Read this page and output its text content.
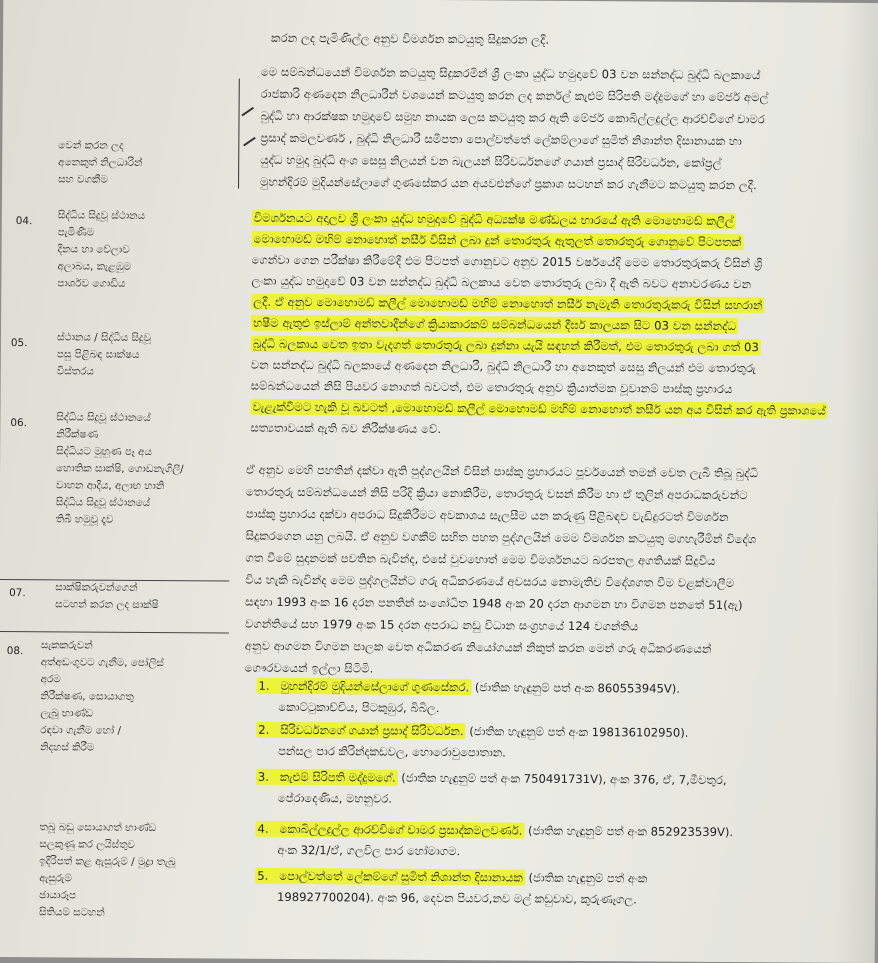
කරන ලද පැමිණිල්ල අනුව විමර්ශන කටයුතු සිදුකරන ලදී.
මෙ සම්බන්ධයෙන් විමර්ශන කටයුතු සිදුකරමින් ශ්‍රී ලංකා යුද්ධ හමුදාවේ 03 වන සන්නද්ධ බුද්ධි බලකායේ
රාජකාරි අණදෙන නිලධාරීන් වශයෙන් කටයුතු කරන ලද කර්නල් කැළුම් සිරිපති මද්දුමගේ හා මේජර් අමල්
බුද්ධි හා ආරක්ෂක හමුදාවේ සමුහ නායක ලෙස කටයුතු කර ඇති මේජර් කොබිල්ලදුල්ල ආරච්චිගේ චාමර
ප්‍රසාද් කමලවර්ණ , බුද්ධි නිලධාරී සමීපතා පොල්වත්තේ ලේකම්ලාගේ සුමිත් නිශාන්ත දිසානායක හා
යුද්ධ හමුදා බුද්ධි අංශ සෙසු නිලයන් වන බැලයන් සිරිවර්ධනගේ ගයාන් ප්‍රසාද් සිරිවර්ධන, කෝප්‍රල්
මුහන්දිරම් මුදියන්සේලාගේ ගුණසේකර යන අයවළුන්ගේ ප්‍රකාශ සටහන් කර ගැනීමට කටයුතු කරන ලදී.
විමර්ශනයට අදාලව ශ්‍රී ලංකා යුද්ධ හමුදාවේ බුද්ධි අධ්‍යක්ෂ මණ්ඩලය භාරයේ ඇති මොහොමඩ් කලීල්
මොහොමඩ් මහිම් නොහොත් නසීර් විසින් ලබා දුන් තොරතුරු ඇතුලත් තොරතුරු ගොනුවේ පිටපතක්
ගෙන්වා ගෙන පරීක්ෂා කිරීමේදී එම පිටපත් ගොනුවට අනුව 2015 වර්ෂයේදී මෙම තොරතුරුකරු විසින් ශ්‍රී
ලංකා යුද්ධ හමුදාවේ 03 වන සන්නද්ධ බුද්ධි බලකාය වෙත තොරතුරු ලබා දී ඇති බවට අනාවරණය වන
ලදී. ඒ අනුව මොහොමඩ් කලීල් මොහොමඩ් මහිම් නොහොත් නසීර් නැමැති තොරතුරුකරු විසින් සහරාන්
හෂීම ඇතුළු ඉස්ලාම් අන්තවාදීන්ගේ ක්‍රියාකාරකම් සම්බන්ධයෙන් දීර්ඝ කාලයක සිට 03 වන සන්නද්ධ
බුද්ධි බලකාය වෙත ඉතා වැදගත් තොරතුරු ලබා දුන්නා යැයි සඳහන් කිරීමත්, එම තොරතුරු ලබා ගත් 03
වන සන්නද්ධ බුද්ධි බලකායේ අණදෙන නිලධාරී, බුද්ධි නිලධාරී හා අනෙකුත් සෙසු නිලයන් එම තොරතුරු
සම්බන්ධයෙන් නිසි පියවර නොගත් බවටත්, එම තොරතුරු අනුව ක්‍රියාත්මක වූවානම් පාස්කු ප්‍රහාරය
වැළැක්වීමට හැකි වූ බවටත් ,මොහොමඩ් කලීල් මොහොමඩ් මහිම් නොහොත් නසීර් යන අය විසින් කර ඇති ප්‍රකාශයේ
සත්‍යතාවයක් ඇති බව නිරීක්ෂණය වේ.
ඒ අනුව මෙහි පහතින් දක්වා ඇති පුද්ගලයින් විසින් පාස්කු ප්‍රහාරයට පූර්වයෙන් තමන් වෙත ලැබී තිබූ බුද්ධි
තොරතුරු සම්බන්ධයෙන් නිසි පරිදි ක්‍රියා නොකිරීම, තොරතුරු වසන් කිරීම හා ඒ තුලින් අපරාධකරුවන්ට
පාස්කු ප්‍රහාරය දක්වා අපරාධ සිදුකිරීමට අවකාශය සැලසීම යන කරුණු පිළිබඳව වැඩිදුරටත් විමර්ශන
සිදුකරගෙන යනු ලබයි. ඒ අනුව වගකීම් සහිත පහත පුද්ගලයින් මෙම විමර්ශන කටයුතු මගහැරීමින් විදේශ
ගත වීමේ සුදානමක් පවතින බැවින්ද, එසේ වුවහොත් මෙම විමර්ශනයට බරපතල අගතියක් සිදුවිය
විය හැකි බැවින්ද මෙම පුද්ගලයින්ට ගරු අධිකරණයේ අවසරය නොමැතිව විදේශගත වීම වළක්වාලීම
සඳහා 1993 අංක 16 දරන පනතින් සංශෝධිත 1948 අංක 20 දරන ආගමන හා විගමන පනතේ 51(ඇ)
වගන්තියේ සහ 1979 අංක 15 දරන අපරාධ නඩු විධාන සංග්‍රහයේ 124 වගන්තිය
අනුව ආගමන විගමන පාලක වෙත අධිකරණ නියෝගයක් නිකුත් කරන මෙන් ගරු අධිකරණයෙන්
ගෞරවයෙන් ඉල්ලා සිටිමි.
1. මුහන්දිරම් මුදියන්සේලාගේ ගුණසේකර. (ජාතික හැඳුනුම් පත් අංක 860553945V).
කොට්ටුකාච්චිය, පිටකුඹුර, බිබිල.
2. සිරිවර්ධනගේ ගයාන් ප්‍රසාද් සිරිවර්ධන. (ජාතික හැඳුනුම් පත් අංක 198136102950).
පන්සල පාර කිරින්දකඩවල, හොරොවුපොතාන.
3. කැළුම් සිරිපති මද්දුමගේ. (ජාතික හැඳුනුම් පත් අංක 750491731V), අංක 376, ඒ, 7,මීවතුර,
පේරාදෙණිය, මහනුවර.
4. කොබිල්ලදුල්ල ආරච්චිගේ චාමර ප්‍රසාද්කමලවර්ණ. (ජාතික හැඳුනුම් පත් අංක 852923539V).
අංක 32/1/ඒ, ගලවිල පාර හෝමාගම.
5. පොල්වත්තේ ලේකම්ගේ සුමිත් නිශාන්ත දිසානායක (ජාතික හැඳුනුම් පත් අංක
198927700204). අංක 96, දෙවන පියවර,නව මල් කඩුවාව, කුරුණෑගල.
වෙන් කරන ලද
අනෙකුත් නිලධාරින්
සහ වගකීම
04. සිද්ධිය සිදුවූ ස්ථානය
පැමිණීම
දිනය හා වේලාව
අලාබය, කැළඹුම
පාර්ශව ගොඩිය
05.	ස්ථානය / සිද්ධිය සිදුවූ
පසු පිළිබඳ සාක්ෂය
විස්තරය
06.	සිද්ධිය සිදුවූ ස්ථානයේ
නිරීක්ෂණ
සිද්ධියට මුහුණ පෑ අය
හොතික සාක්ෂි, ගොඩනැගිලි/
වාහන ආදිය, අලාභ හානි
සිද්ධිය සිදුවූ ස්ථානයේ
තිබී හමුවූ දෑව
07.	සාක්ෂිකරුවන්ගෙන්
සටහන් කරන ලද සාක්ෂි
08. සැකකරුවන්
අත්අඩංගුවට ගැනීම, පෝලිස්
අරම
නිරීක්ෂණ, සොයාගතු
ලැබූ භාණ්ඩ
රඳවා ගැනීම හෝ /
නිදහස් කිරීම
තබූ බඩු සොයාගත් භාණ්ඩ
සලකුණු කර ලයිස්තුව
ඉදිරිපත් කළ ඇසුරුම් / මුද්‍රා තැබූ
ඇසුරුම්
ඡායාරූප
සිතියම් සටහන්
